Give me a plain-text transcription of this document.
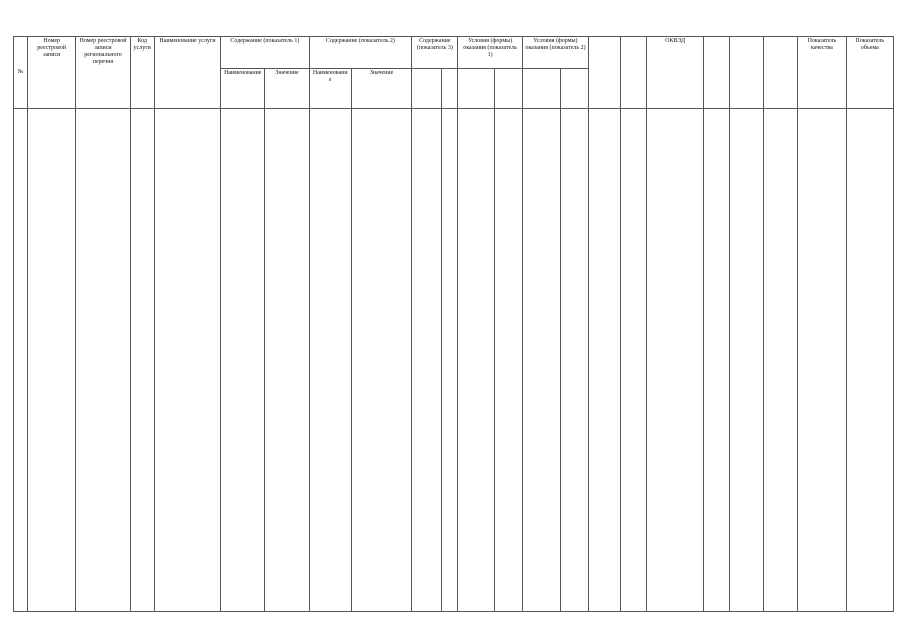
№	Номер реестровой записи	Номер реестровой записи регионального перечня	Код услуги	Наименование услуги	Содержание (показатель 1)		Содержание (показатель 2)		Содержание (показатель 3)		Условия (формы) оказания (показатель 1)		Условия (формы) оказания (показатель 2)				ОКВЭД				Показатель качества	Показатель объема
					Наименование	Значение	Наименование	Значение														
